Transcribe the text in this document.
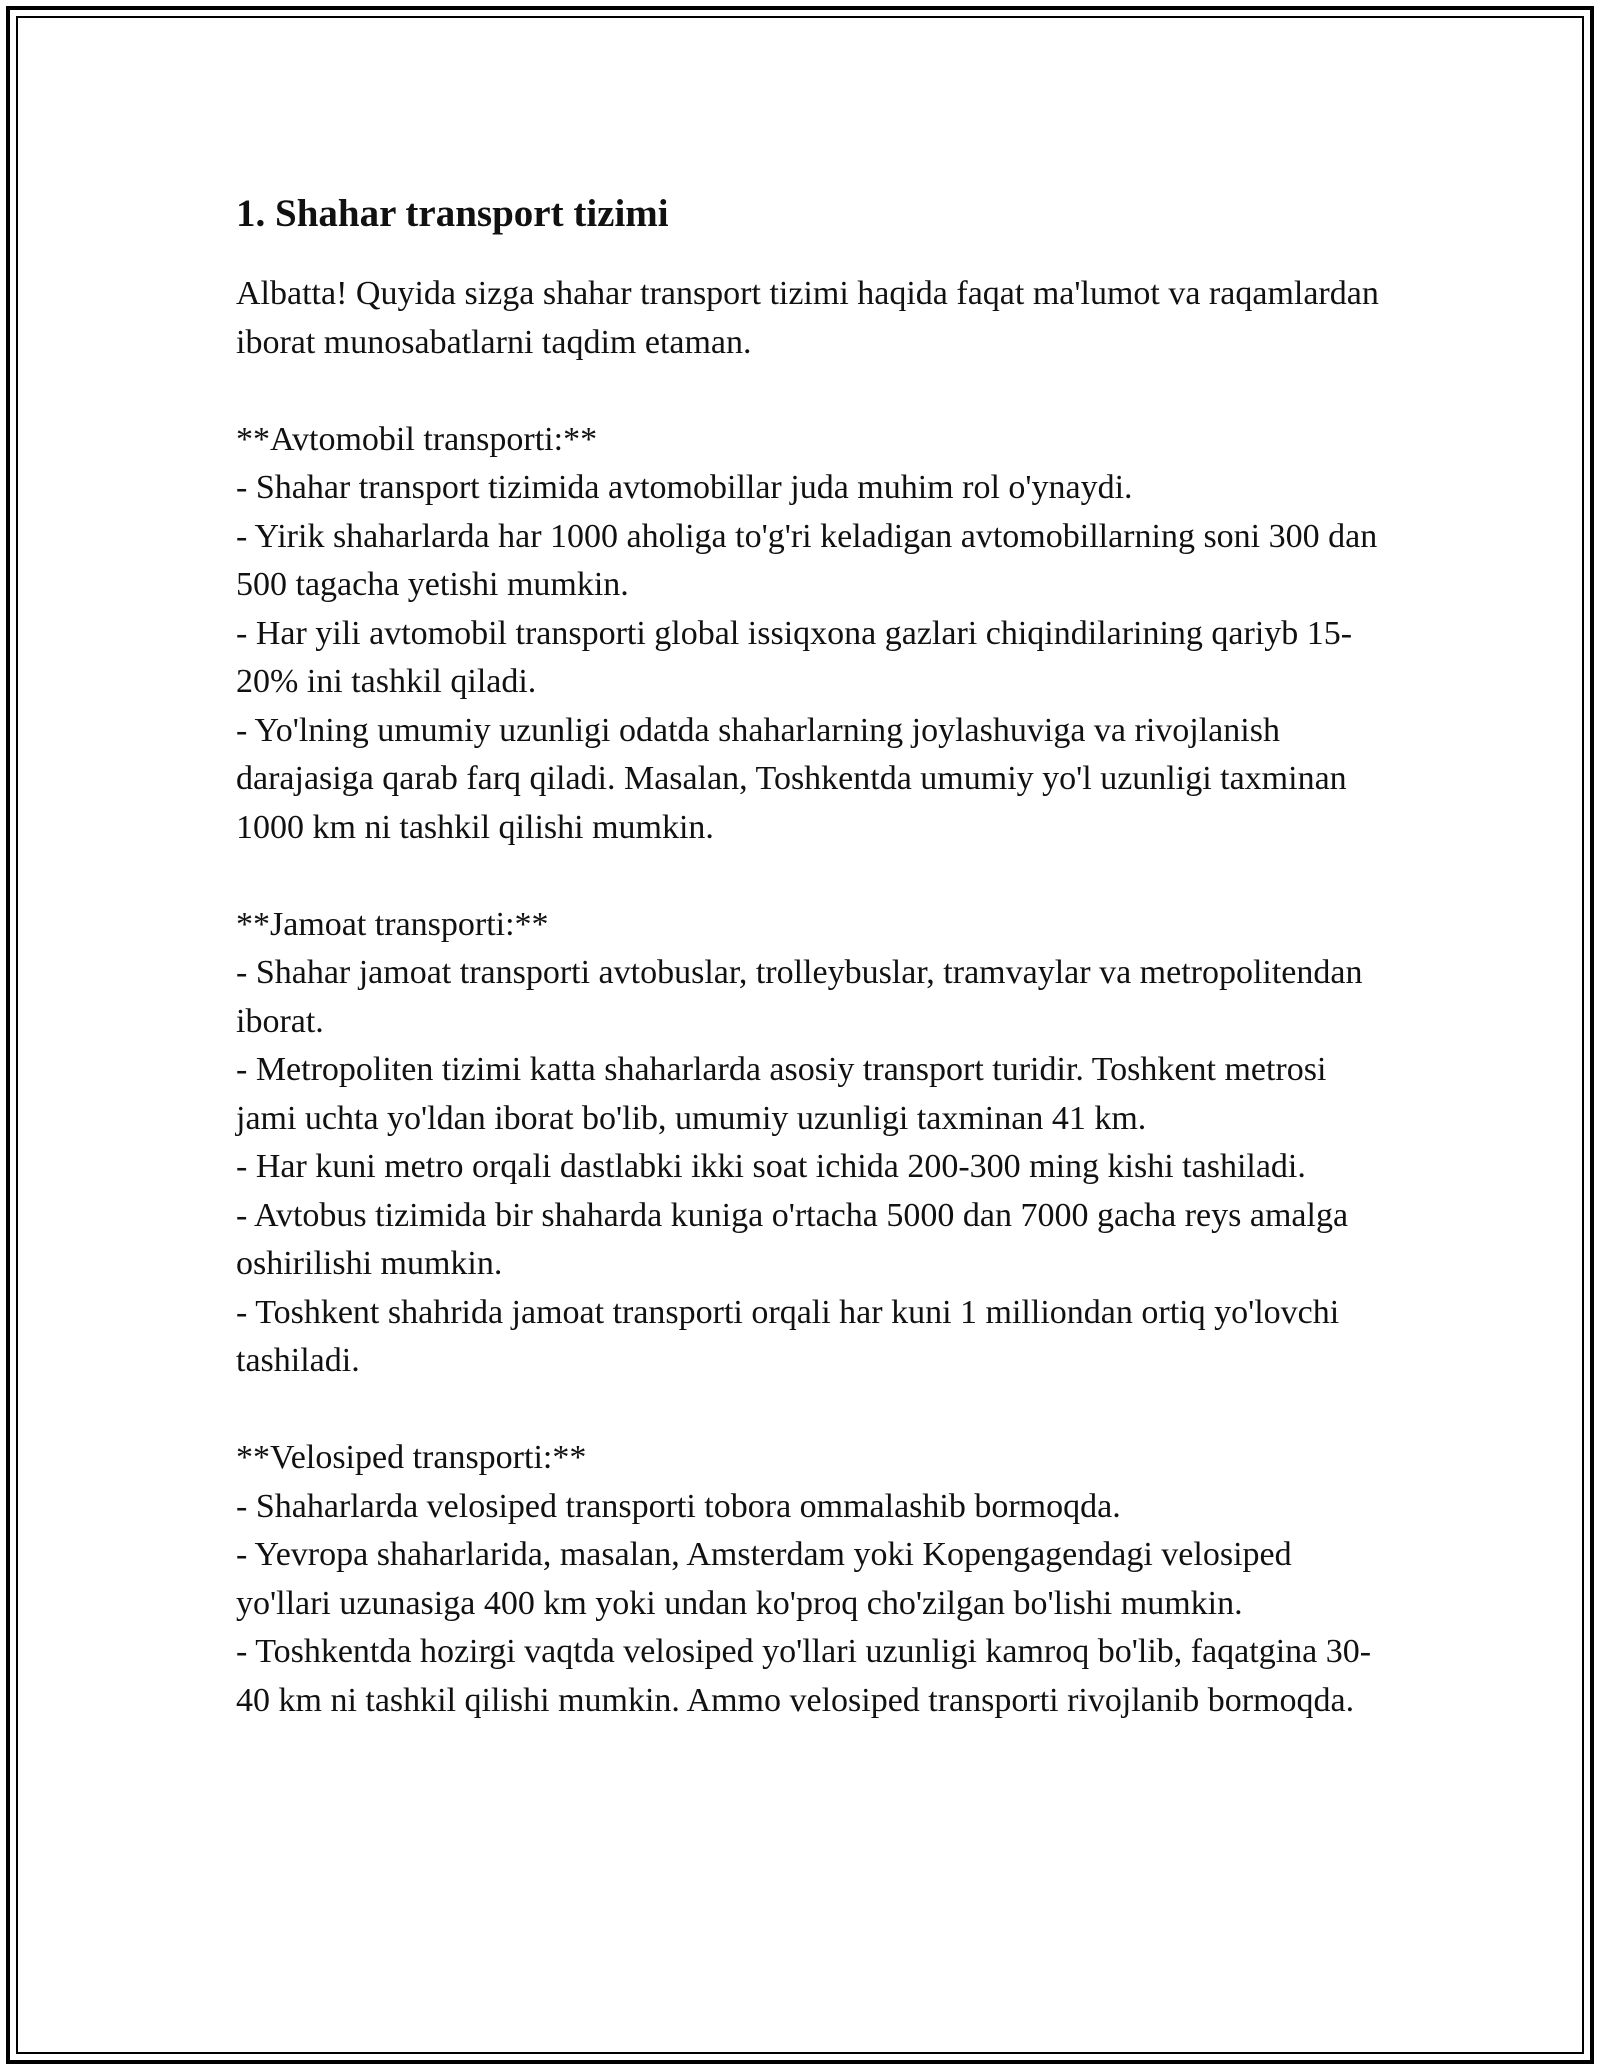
1. Shahar transport tizimi

Albatta! Quyida sizga shahar transport tizimi haqida faqat ma'lumot va raqamlardan iborat munosabatlarni taqdim etaman.

**Avtomobil transporti:**
- Shahar transport tizimida avtomobillar juda muhim rol o'ynaydi.
- Yirik shaharlarda har 1000 aholiga to'g'ri keladigan avtomobillarning soni 300 dan 500 tagacha yetishi mumkin.
- Har yili avtomobil transporti global issiqxona gazlari chiqindilarining qariyb 15-20% ini tashkil qiladi.
- Yo'lning umumiy uzunligi odatda shaharlarning joylashuviga va rivojlanish darajasiga qarab farq qiladi. Masalan, Toshkentda umumiy yo'l uzunligi taxminan 1000 km ni tashkil qilishi mumkin.
**Jamoat transporti:**
- Shahar jamoat transporti avtobuslar, trolleybuslar, tramvaylar va metropolitendan iborat.
- Metropoliten tizimi katta shaharlarda asosiy transport turidir. Toshkent metrosi jami uchta yo'ldan iborat bo'lib, umumiy uzunligi taxminan 41 km.
- Har kuni metro orqali dastlabki ikki soat ichida 200-300 ming kishi tashiladi.
- Avtobus tizimida bir shaharda kuniga o'rtacha 5000 dan 7000 gacha reys amalga oshirilishi mumkin.
- Toshkent shahrida jamoat transporti orqali har kuni 1 milliondan ortiq yo'lovchi tashiladi.
**Velosiped transporti:**
- Shaharlarda velosiped transporti tobora ommalashib bormoqda.
- Yevropa shaharlarida, masalan, Amsterdam yoki Kopengagendagi velosiped yo'llari uzunasiga 400 km yoki undan ko'proq cho'zilgan bo'lishi mumkin.
- Toshkentda hozirgi vaqtda velosiped yo'llari uzunligi kamroq bo'lib, faqatgina 30-40 km ni tashkil qilishi mumkin. Ammo velosiped transporti rivojlanib bormoqda.
